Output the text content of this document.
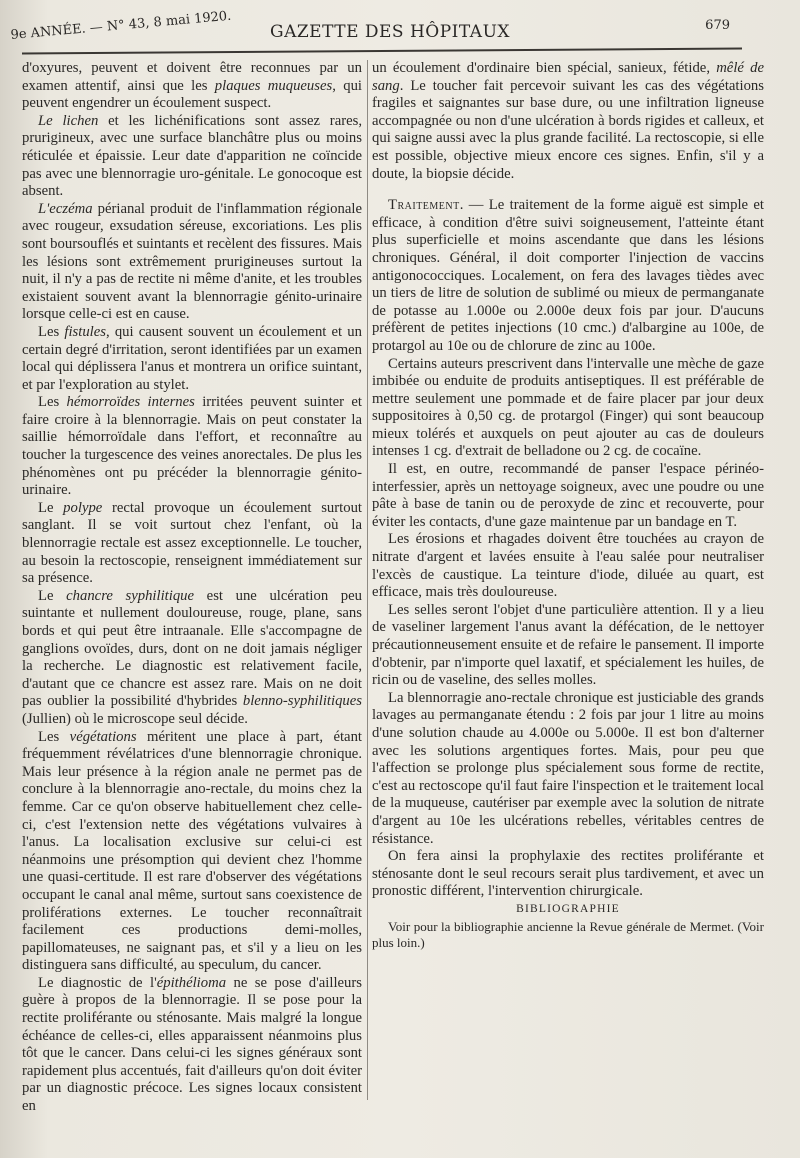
9e ANNÉE. — N° 43, 8 mai 1920. GAZETTE DES HÔPITAUX	679

d'oxyures, peuvent et doivent être reconnues par un examen attentif, ainsi que les plaques muqueuses, qui peuvent engendrer un écoulement suspect.

Le lichen et les lichénifications sont assez rares, prurigineux, avec une surface blanchâtre plus ou moins réticulée et épaissie. Leur date d'apparition ne coïncide pas avec une blennorragie uro-génitale. Le gonocoque est absent.

L'eczéma périanal produit de l'inflammation régionale avec rougeur, exsudation séreuse, excoriations. Les plis sont boursouflés et suintants et recèlent des fissures. Mais les lésions sont extrêmement prurigineuses surtout la nuit, il n'y a pas de rectite ni même d'anite, et les troubles existaient souvent avant la blennorragie génito-urinaire lorsque celle-ci est en cause.

Les fistules, qui causent souvent un écoulement et un certain degré d'irritation, seront identifiées par un examen local qui déplissera l'anus et montrera un orifice suintant, et par l'exploration au stylet.

Les hémorroïdes internes irritées peuvent suinter et faire croire à la blennorragie. Mais on peut constater la saillie hémorroïdale dans l'effort, et reconnaître au toucher la turgescence des veines anorectales. De plus les phénomènes ont pu précéder la blennorragie génito-urinaire.

Le polype rectal provoque un écoulement surtout sanglant. Il se voit surtout chez l'enfant, où la blennorragie rectale est assez exceptionnelle. Le toucher, au besoin la rectoscopie, renseignent immédiatement sur sa présence.

Le chancre syphilitique est une ulcération peu suintante et nullement douloureuse, rouge, plane, sans bords et qui peut être intraanale. Elle s'accompagne de ganglions ovoïdes, durs, dont on ne doit jamais négliger la recherche. Le diagnostic est relativement facile, d'autant que ce chancre est assez rare. Mais on ne doit pas oublier la possibilité d'hybrides blenno-syphilitiques (Jullien) où le microscope seul décide.

Les végétations méritent une place à part, étant fréquemment révélatrices d'une blennorragie chronique. Mais leur présence à la région anale ne permet pas de conclure à la blennorragie ano-rectale, du moins chez la femme. Car ce qu'on observe habituellement chez celle-ci, c'est l'extension nette des végétations vulvaires à l'anus. La localisation exclusive sur celui-ci est néanmoins une présomption qui devient chez l'homme une quasi-certitude. Il est rare d'observer des végétations occupant le canal anal même, surtout sans coexistence de proliférations externes. Le toucher reconnaîtrait facilement ces productions demi-molles, papillomateuses, ne saignant pas, et s'il y a lieu on les distinguera sans difficulté, au speculum, du cancer.

Le diagnostic de l'épithélioma ne se pose d'ailleurs guère à propos de la blennorragie. Il se pose pour la rectite proliférante ou sténosante. Mais malgré la longue échéance de celles-ci, elles apparaissent néanmoins plus tôt que le cancer. Dans celui-ci les signes généraux sont rapidement plus accentués, fait d'ailleurs qu'on doit éviter par un diagnostic précoce. Les signes locaux consistent en

un écoulement d'ordinaire bien spécial, sanieux, fétide, mêlé de sang. Le toucher fait percevoir suivant les cas des végétations fragiles et saignantes sur base dure, ou une infiltration ligneuse accompagnée ou non d'une ulcération à bords rigides et calleux, et qui saigne aussi avec la plus grande facilité. La rectoscopie, si elle est possible, objective mieux encore ces signes. Enfin, s'il y a doute, la biopsie décide.

Traitement. — Le traitement de la forme aiguë est simple et efficace, à condition d'être suivi soigneusement, l'atteinte étant plus superficielle et moins ascendante que dans les lésions chroniques. Général, il doit comporter l'injection de vaccins antigonococciques. Localement, on fera des lavages tièdes avec un tiers de litre de solution de sublimé ou mieux de permanganate de potasse au 1.000e ou 2.000e deux fois par jour. D'aucuns préfèrent de petites injections (10 cmc.) d'albargine au 100e, de protargol au 10e ou de chlorure de zinc au 100e.

Certains auteurs prescrivent dans l'intervalle une mèche de gaze imbibée ou enduite de produits antiseptiques. Il est préférable de mettre seulement une pommade et de faire placer par jour deux suppositoires à 0,50 cg. de protargol (Finger) qui sont beaucoup mieux tolérés et auxquels on peut ajouter au cas de douleurs intenses 1 cg. d'extrait de belladone ou 2 cg. de cocaïne.

Il est, en outre, recommandé de panser l'espace périnéo-interfessier, après un nettoyage soigneux, avec une poudre ou une pâte à base de tanin ou de peroxyde de zinc et recouverte, pour éviter les contacts, d'une gaze maintenue par un bandage en T.

Les érosions et rhagades doivent être touchées au crayon de nitrate d'argent et lavées ensuite à l'eau salée pour neutraliser l'excès de caustique. La teinture d'iode, diluée au quart, est efficace, mais très douloureuse.

Les selles seront l'objet d'une particulière attention. Il y a lieu de vaseliner largement l'anus avant la défécation, de le nettoyer précautionneusement ensuite et de refaire le pansement. Il importe d'obtenir, par n'importe quel laxatif, et spécialement les huiles, de ricin ou de vaseline, des selles molles.

La blennorragie ano-rectale chronique est justiciable des grands lavages au permanganate étendu : 2 fois par jour 1 litre au moins d'une solution chaude au 4.000e ou 5.000e. Il est bon d'alterner avec les solutions argentiques fortes. Mais, pour peu que l'affection se prolonge plus spécialement sous forme de rectite, c'est au rectoscope qu'il faut faire l'inspection et le traitement local de la muqueuse, cautériser par exemple avec la solution de nitrate d'argent au 10e les ulcérations rebelles, véritables centres de résistance.

On fera ainsi la prophylaxie des rectites proliférante et sténosante dont le seul recours serait plus tardivement, et avec un pronostic différent, l'intervention chirurgicale.

BIBLIOGRAPHIE

Voir pour la bibliographie ancienne la Revue générale de Mermet. (Voir plus loin.)
